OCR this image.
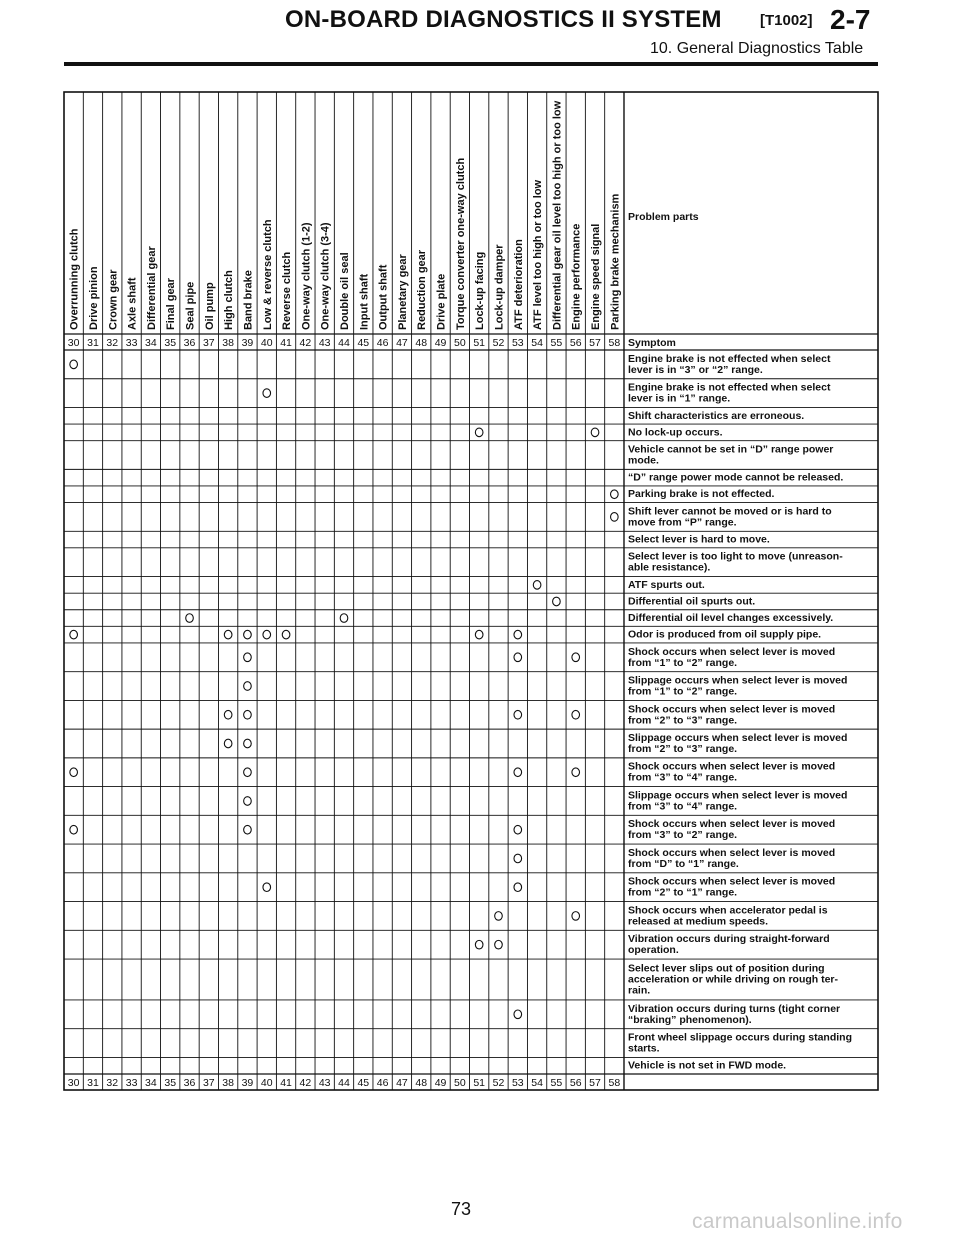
ON-BOARD DIAGNOSTICS II SYSTEM	[T1002] 2-7
10. General Diagnostics Table
Overrunning clutch
30
30
Drive pinion
31
31
Crown gear
32
32
Axle shaft
33
33
Differential gear
34
34
Final gear
35
35
Seal pipe
36
36
Oil pump
37
37
High clutch
38
38
Band brake
39
39
Low & reverse clutch
40
40
Reverse clutch
41
41
One-way clutch (1-2)
42
42
One-way clutch (3-4)
43
43
Double oil seal
44
44
Input shaft
45
45
Output shaft
46
46
Planetary gear
47
47
Reduction gear
48
48
Drive plate
49
49
Torque converter one-way clutch
50
50
Lock-up facing
51
51
Lock-up damper
52
52
ATF deterioration
53
53
ATF level too high or too low
54
54
Differential gear oil level too high or too low
55
55
Engine performance
56
56
Engine speed signal
57
57
Parking brake mechanism
58
58
Problem parts
Symptom
Engine brake is not effected when select
lever is in “3” or “2” range.
Engine brake is not effected when select
lever is in “1” range.
Shift characteristics are erroneous.
No lock-up occurs.
Vehicle cannot be set in “D” range power
mode.
“D” range power mode cannot be released.
Parking brake is not effected.
Shift lever cannot be moved or is hard to
move from “P” range.
Select lever is hard to move.
Select lever is too light to move (unreason-
able resistance).
ATF spurts out.
Differential oil spurts out.
Differential oil level changes excessively.
Odor is produced from oil supply pipe.
Shock occurs when select lever is moved
from “1” to “2” range.
Slippage occurs when select lever is moved
from “1” to “2” range.
Shock occurs when select lever is moved
from “2” to “3” range.
Slippage occurs when select lever is moved
from “2” to “3” range.
Shock occurs when select lever is moved
from “3” to “4” range.
Slippage occurs when select lever is moved
from “3” to “4” range.
Shock occurs when select lever is moved
from “3” to “2” range.
Shock occurs when select lever is moved
from “D” to “1” range.
Shock occurs when select lever is moved
from “2” to “1” range.
Shock occurs when accelerator pedal is
released at medium speeds.
Vibration occurs during straight-forward
operation.
Select lever slips out of position during
acceleration or while driving on rough ter-
rain.
Vibration occurs during turns (tight corner
“braking” phenomenon).
Front wheel slippage occurs during standing
starts.
Vehicle is not set in FWD mode.
73
carmanualsonline.info
